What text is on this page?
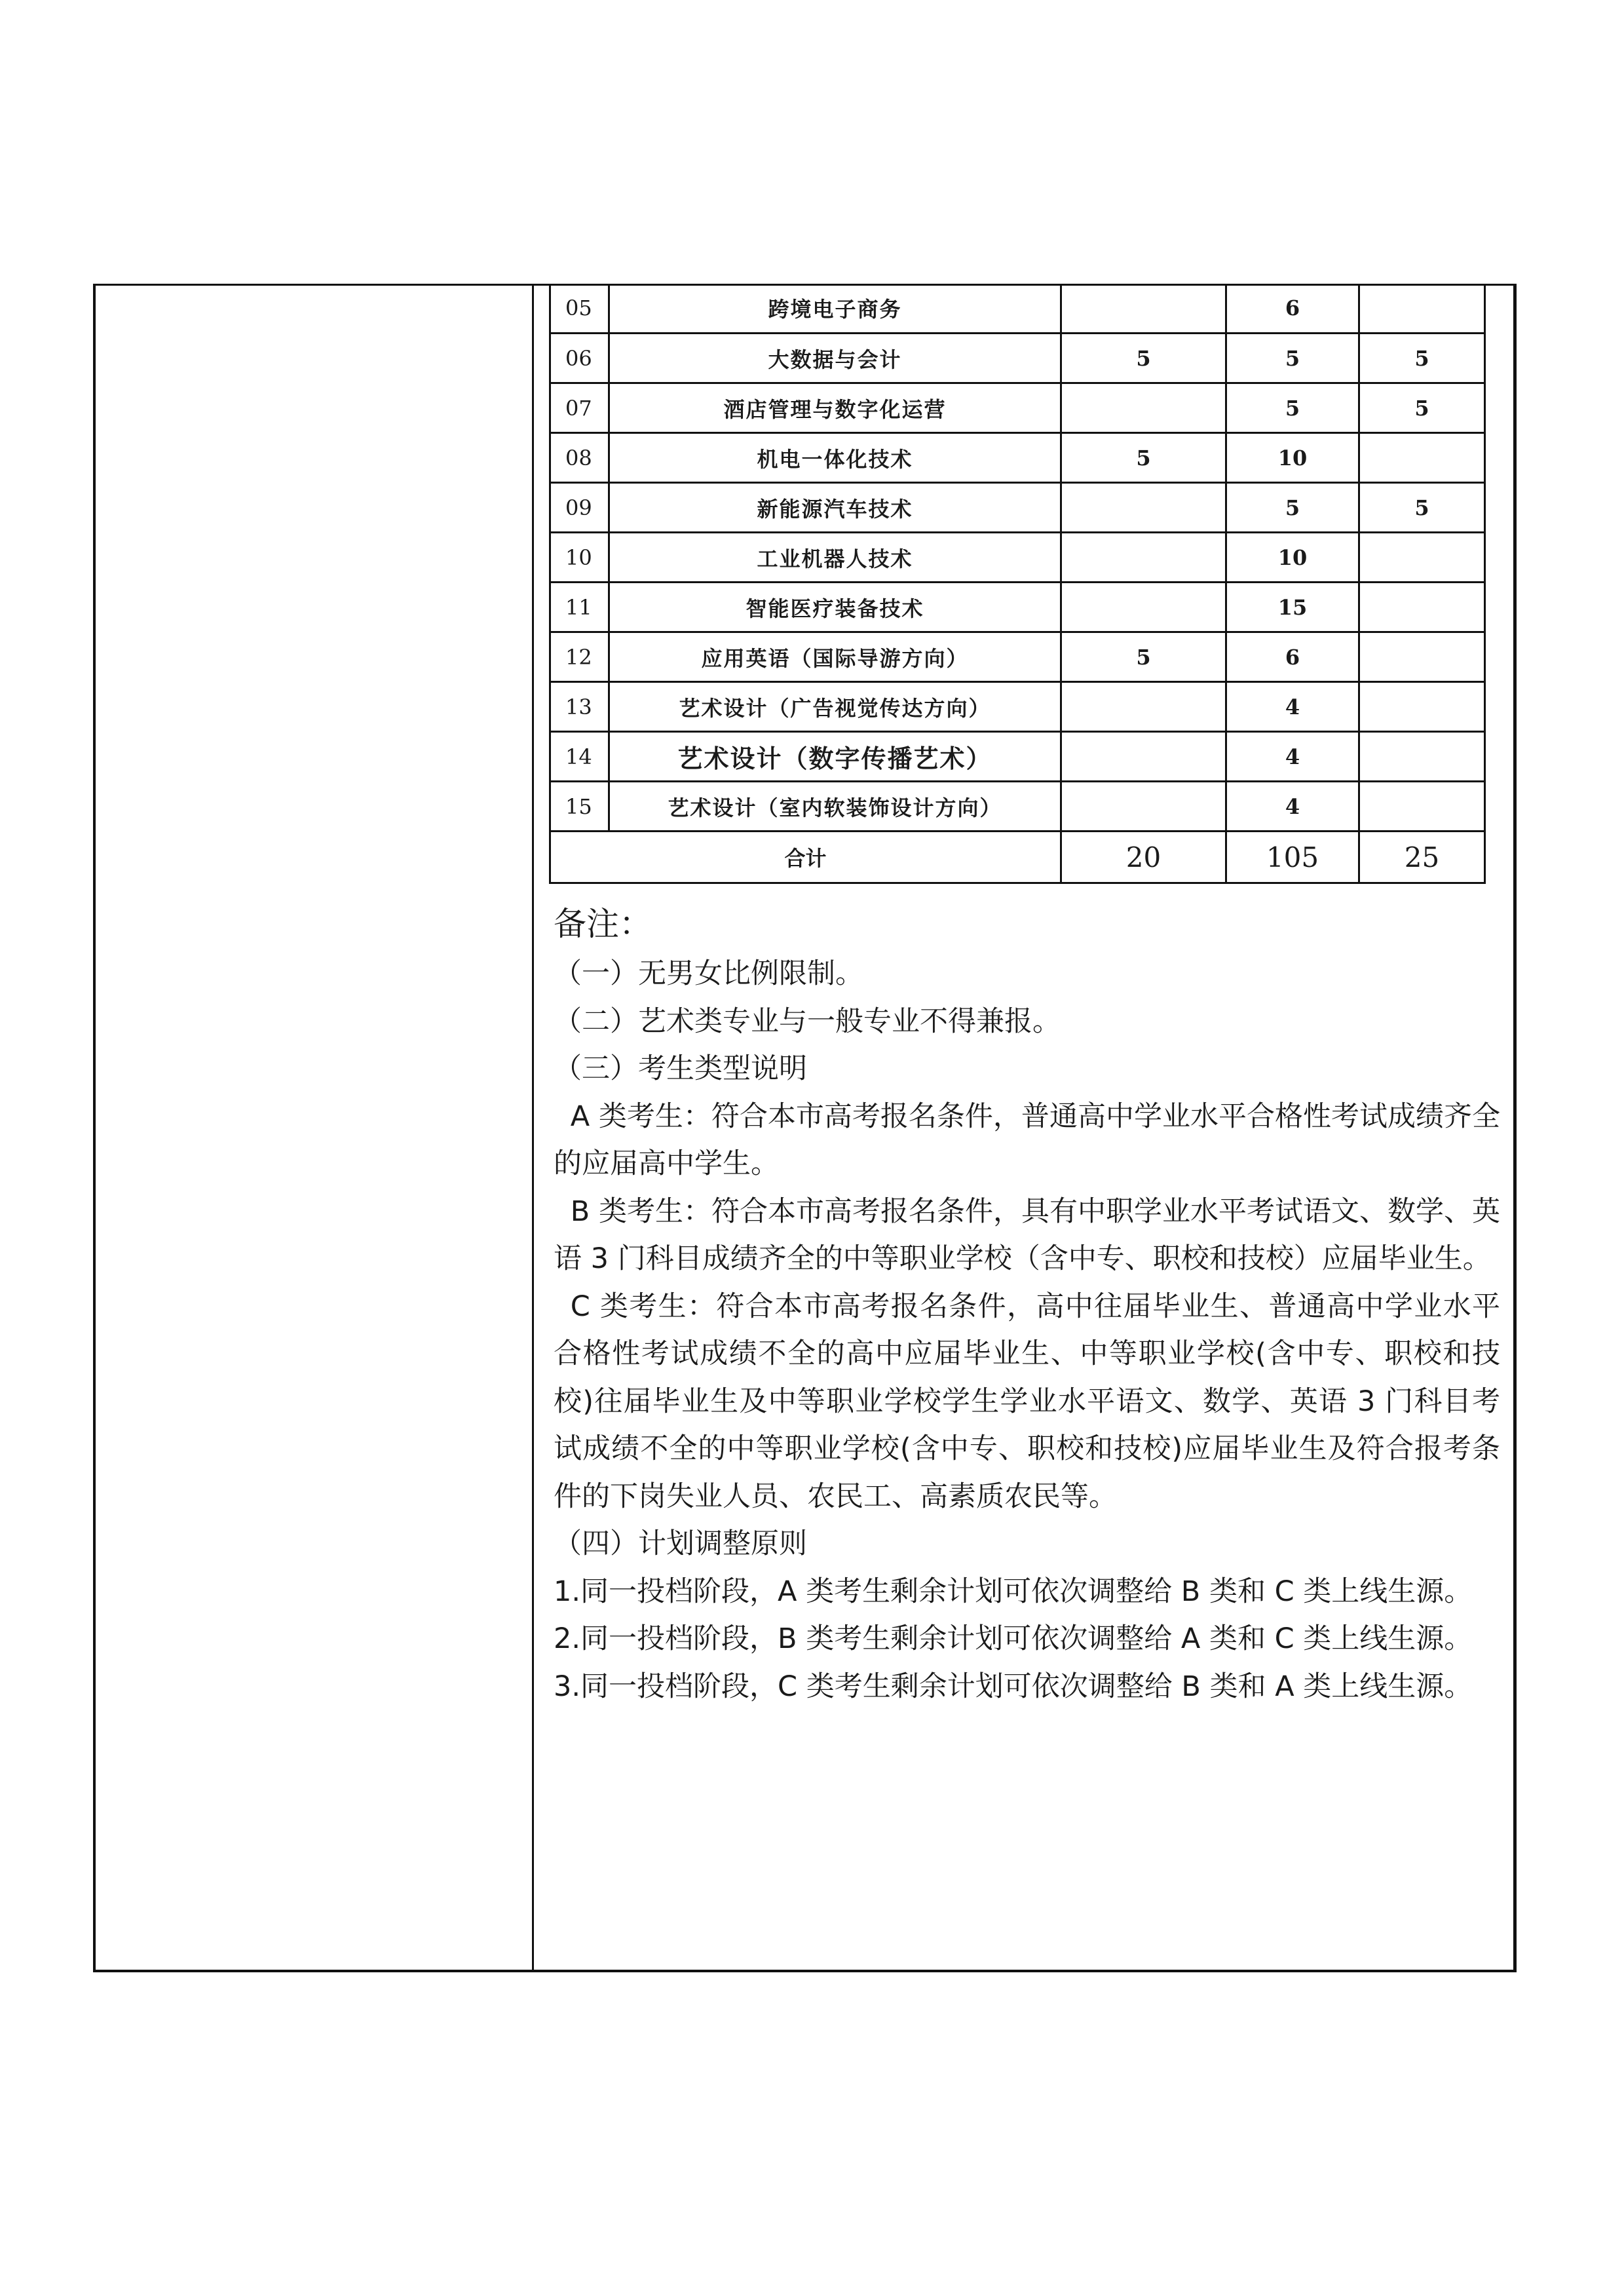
05	跨境电子商务		6	
06	大数据与会计	5	5	5
07	酒店管理与数字化运营		5	5
08	机电一体化技术	5	10	
09	新能源汽车技术		5	5
10	工业机器人技术		10	
11	智能医疗装备技术		15	
12	应用英语（国际导游方向）	5	6	
13	艺术设计（广告视觉传达方向）		4	
14	艺术设计（数字传播艺术）		4	
15	艺术设计（室内软装饰设计方向）		4	
合计		20	105	25

备注：

（一）无男女比例限制。

（二）艺术类专业与一般专业不得兼报。

（三）考生类型说明

A 类考生：符合本市高考报名条件，普通高中学业水平合格性考试成绩齐全的应届高中学生。

B 类考生：符合本市高考报名条件，具有中职学业水平考试语文、数学、英语 3 门科目成绩齐全的中等职业学校（含中专、职校和技校）应届毕业生。

C 类考生：符合本市高考报名条件，高中往届毕业生、普通高中学业水平合格性考试成绩不全的高中应届毕业生、中等职业学校(含中专、职校和技校)往届毕业生及中等职业学校学生学业水平语文、数学、英语 3 门科目考试成绩不全的中等职业学校(含中专、职校和技校)应届毕业生及符合报考条件的下岗失业人员、农民工、高素质农民等。

（四）计划调整原则

1.同一投档阶段，A 类考生剩余计划可依次调整给 B 类和 C 类上线生源。

2.同一投档阶段，B 类考生剩余计划可依次调整给 A 类和 C 类上线生源。

3.同一投档阶段，C 类考生剩余计划可依次调整给 B 类和 A 类上线生源。
